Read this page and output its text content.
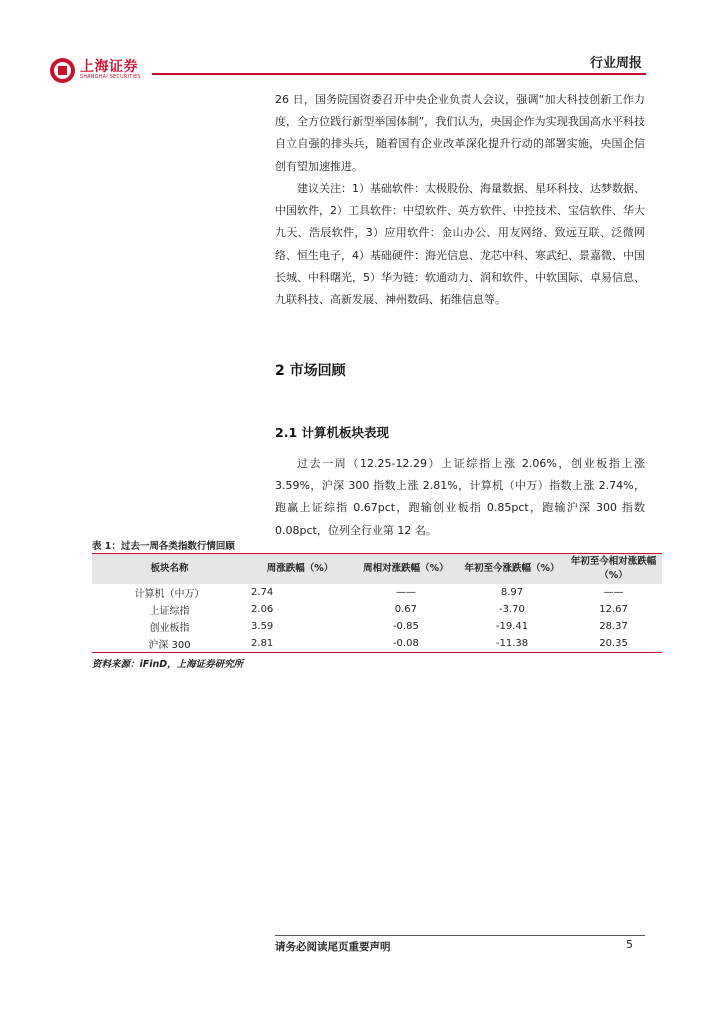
上海证券
SHANGHAI SECURITIES
行业周报

26 日，国务院国资委召开中央企业负责人会议，强调“加大科技创新工作力度，全方位践行新型举国体制”，我们认为，央国企作为实现我国高水平科技自立自强的排头兵，随着国有企业改革深化提升行动的部署实施，央国企信创有望加速推进。

建议关注：1）基础软件：太极股份、海量数据、星环科技、达梦数据、中国软件，2）工具软件：中望软件、英方软件、中控技术、宝信软件、华大九天、浩辰软件，3）应用软件：金山办公、用友网络、致远互联、泛微网络、恒生电子，4）基础硬件：海光信息、龙芯中科、寒武纪、景嘉微、中国长城、中科曙光，5）华为链：软通动力、润和软件、中软国际、卓易信息、九联科技、高新发展、神州数码、拓维信息等。

2 市场回顾
2.1 计算机板块表现

过去一周（12.25-12.29）上证综指上涨 2.06%，创业板指上涨 3.59%，沪深 300 指数上涨 2.81%，计算机（中万）指数上涨 2.74%，跑赢上证综指 0.67pct，跑输创业板指 0.85pct，跑输沪深 300 指数 0.08pct，位列全行业第 12 名。

表 1：过去一周各类指数行情回顾
板块名称	周涨跌幅（%）	周相对涨跌幅（%）	年初至今涨跌幅（%）	年初至今相对涨跌幅（%）
计算机（中万）	2.74	——	8.97	——
上证综指	2.06	0.67	-3.70	12.67
创业板指	3.59	-0.85	-19.41	28.37
沪深 300	2.81	-0.08	-11.38	20.35
资料来源：iFinD，上海证券研究所
请务必阅读尾页重要声明	5
